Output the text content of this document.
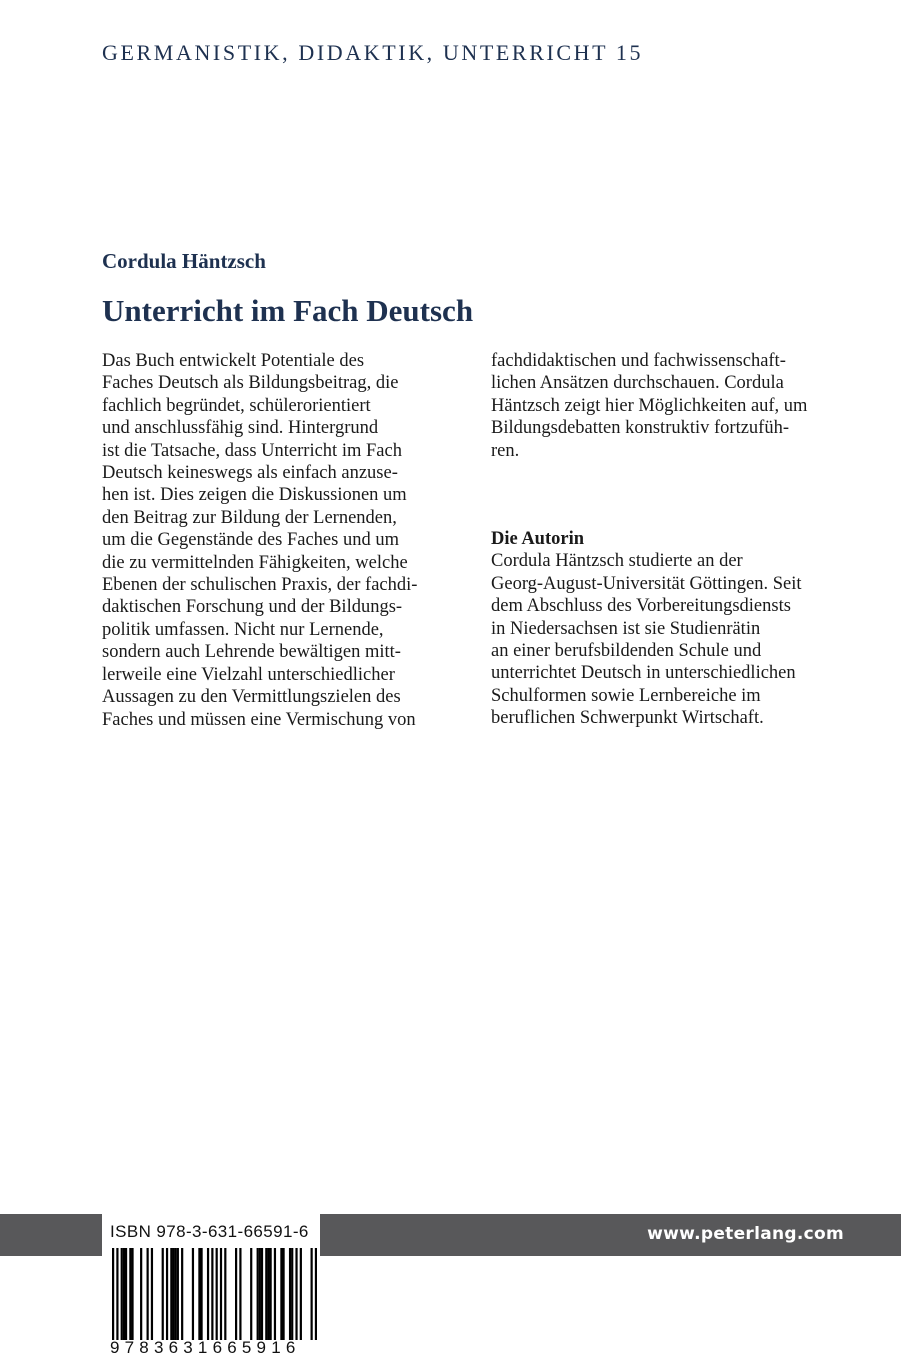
GERMANISTIK, DIDAKTIK, UNTERRICHT 15
Cordula Häntzsch
Unterricht im Fach Deutsch
Das Buch entwickelt Potentiale des
Faches Deutsch als Bildungsbeitrag, die
fachlich begründet, schülerorientiert
und anschlussfähig sind. Hintergrund
ist die Tatsache, dass Unterricht im Fach
Deutsch keineswegs als einfach anzuse-
hen ist. Dies zeigen die Diskussionen um
den Beitrag zur Bildung der Lernenden,
um die Gegenstände des Faches und um
die zu vermittelnden Fähigkeiten, welche
Ebenen der schulischen Praxis, der fachdi-
daktischen Forschung und der Bildungs-
politik umfassen. Nicht nur Lernende,
sondern auch Lehrende bewältigen mitt-
lerweile eine Vielzahl unterschiedlicher
Aussagen zu den Vermittlungszielen des
Faches und müssen eine Vermischung von
fachdidaktischen und fachwissenschaft-
lichen Ansätzen durchschauen. Cordula
Häntzsch zeigt hier Möglichkeiten auf, um
Bildungsdebatten konstruktiv fortzufüh-
ren.
Die Autorin
Cordula Häntzsch studierte an der
Georg-August-Universität Göttingen. Seit
dem Abschluss des Vorbereitungsdiensts
in Niedersachsen ist sie Studienrätin
an einer berufsbildenden Schule und
unterrichtet Deutsch in unterschiedlichen
Schulformen sowie Lernbereiche im
beruflichen Schwerpunkt Wirtschaft.
www.peterlang.com
ISBN 978-3-631-66591-6
9783631665916
